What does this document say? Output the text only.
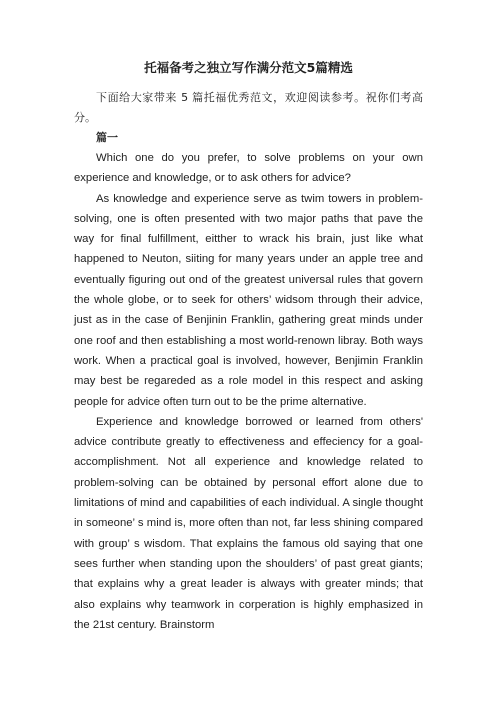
托福备考之独立写作满分范文5篇精选

下面给大家带来 5 篇托福优秀范文，欢迎阅读参考。祝你们考高分。

篇一

Which one do you prefer, to solve problems on your own experience and knowledge, or to ask others for advice?

As knowledge and experience serve as twim towers in problem-solving, one is often presented with two major paths that pave the way for final fulfillment, eitther to wrack his brain, just like what happened to Neuton, siiting for many years under an apple tree and eventually figuring out ond of the greatest universal rules that govern the whole globe, or to seek for others’ widsom through their advice, just as in the case of Benjinin Franklin, gathering great minds under one roof and then establishing a most world-renown libray. Both ways work. When a practical goal is involved, however, Benjimin Franklin may best be regareded as a role model in this respect and asking people for advice often turn out to be the prime alternative.

Experience and knowledge borrowed or learned from others' advice contribute greatly to effectiveness and effeciency for a goal-accomplishment. Not all experience and knowledge related to problem-solving can be obtained by personal effort alone due to limitations of mind and capabilities of each individual. A single thought in someone’ s mind is, more often than not, far less shining compared with group’ s wisdom. That explains the famous old saying that one sees further when standing upon the shoulders’ of past great giants; that explains why a great leader is always with greater minds; that also explains why teamwork in corperation is highly emphasized in the 21st century. Brainstorm
